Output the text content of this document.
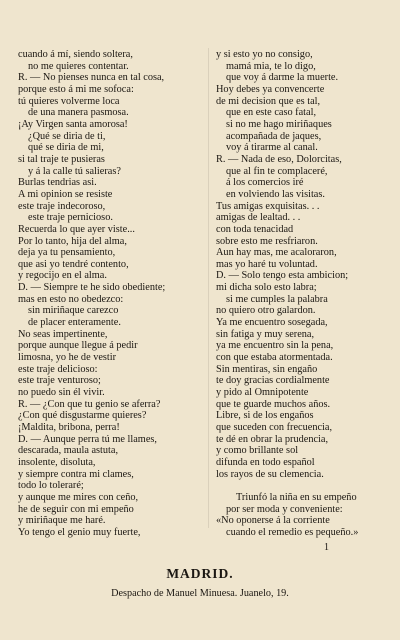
cuando á mí, siendo soltera,
no me quieres contentar.
R. — No pienses nunca en tal cosa,
porque esto á mi me sofoca:
tú quieres volverme loca
de una manera pasmosa.
¡Ay Virgen santa amorosa!
¿Qué se diria de ti,
qué se diria de mi,
si tal traje te pusieras
y á la calle tú salieras?
Burlas tendrias asi.
A mi opinion se resiste
este traje indecoroso,
este traje pernicioso.
Recuerda lo que ayer viste...
Por lo tanto, hija del alma,
deja ya tu pensamiento,
que asi yo tendré contento,
y regocijo en el alma.
D. — Siempre te he sido obediente;
mas en esto no obedezco:
sin miriñaque carezco
de placer enteramente.
No seas impertinente,
porque aunque llegue á pedir
limosna, yo he de vestir
este traje delicioso:
este traje venturoso;
no puedo sin él vivir.
R. — ¿Con que tu genio se aferra?
¿Con qué disgustarme quieres?
¡Maldita, bribona, perra!
D. — Aunque perra tú me llames,
descarada, maula astuta,
insolente, disoluta,
y siempre contra mi clames,
todo lo toleraré;
y aunque me mires con ceño,
he de seguir con mi empeño
y miriñaque me haré.
Yo tengo el genio muy fuerte,
y si esto yo no consigo,
mamá mia, te lo digo,
que voy á darme la muerte.
Hoy debes ya convencerte
de mi decision que es tal,
que en este caso fatal,
si no me hago miriñaques
acompañada de jaques,
voy á tirarme al canal.
R. — Nada de eso, Dolorcitas,
que al fin te complaceré,
á los comercios iré
en volviendo las visitas.
Tus amigas exquisitas. . .
amigas de lealtad. . .
con toda tenacidad
sobre esto me resfriaron.
Aun hay mas, me acaloraron,
mas yo haré tu voluntad.
D. — Solo tengo esta ambicion;
mi dicha solo esto labra;
si me cumples la palabra
no quiero otro galardon.
Ya me encuentro sosegada,
sin fatiga y muy serena,
ya me encuentro sin la pena,
con que estaba atormentada.
Sin mentiras, sin engaño
te doy gracias cordialmente
y pido al Omnipotente
que te guarde muchos años.
Libre, si de los engaños
que suceden con frecuencia,
te dé en obrar la prudencia,
y como brillante sol
difunda en todo español
los rayos de su clemencia.

Triunfó la niña en su empeño
por ser moda y conveniente:
«No oponerse á la corriente
cuando el remedio es pequeño.»
1
MADRID.
Despacho de Manuel Minuesa. Juanelo, 19.
